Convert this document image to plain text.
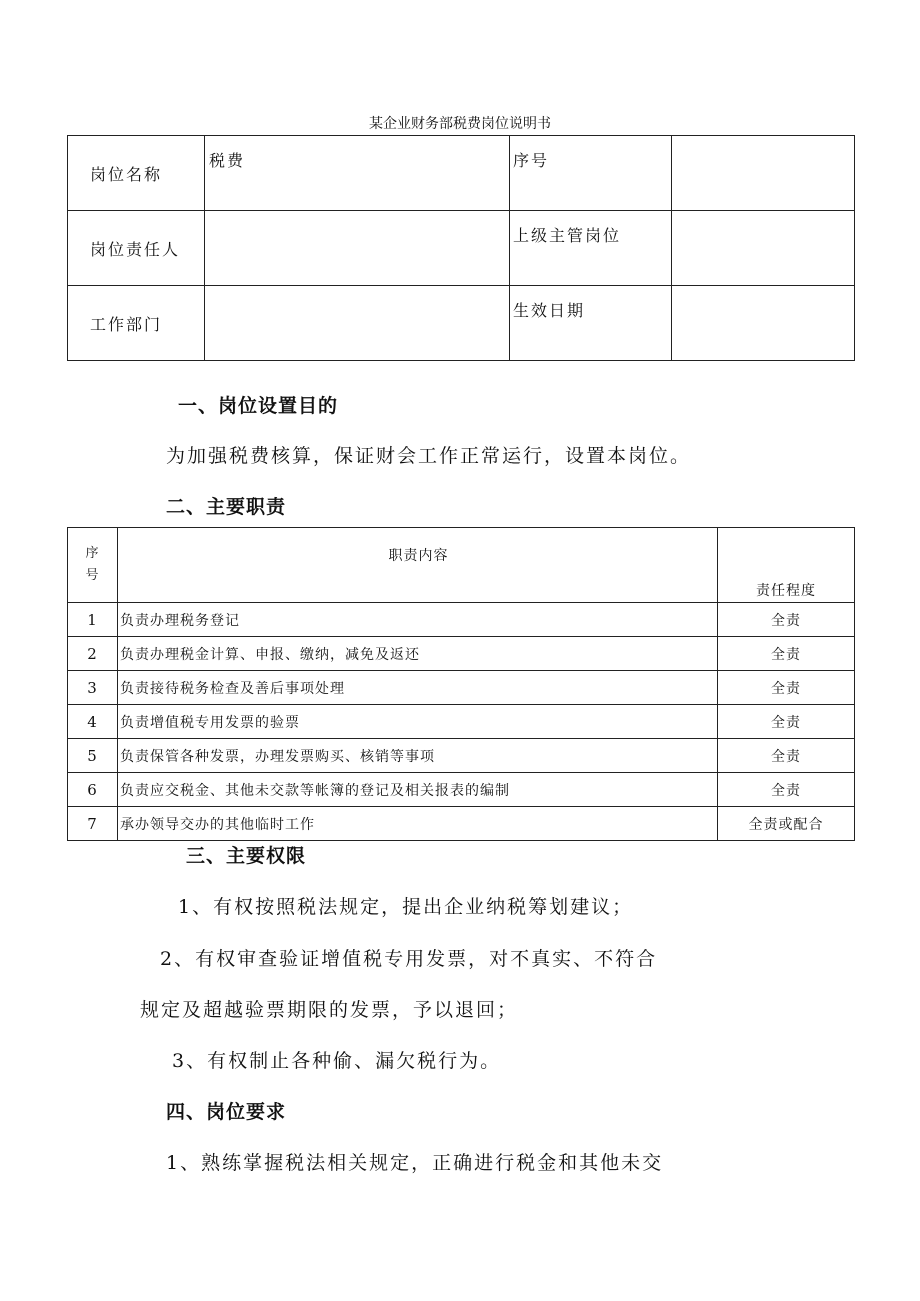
某企业财务部税费岗位说明书
岗位名称	税费	序号	
岗位责任人		上级主管岗位	
工作部门		生效日期	
一、岗位设置目的
为加强税费核算，保证财会工作正常运行，设置本岗位。
二、主要职责
序号	职责内容	责任程度
1	负责办理税务登记	全责
2	负责办理税金计算、申报、缴纳，减免及返还	全责
3	负责接待税务检查及善后事项处理	全责
4	负责增值税专用发票的验票	全责
5	负责保管各种发票，办理发票购买、核销等事项	全责
6	负责应交税金、其他未交款等帐簿的登记及相关报表的编制	全责
7	承办领导交办的其他临时工作	全责或配合
三、主要权限
1、有权按照税法规定，提出企业纳税筹划建议；
2、有权审查验证增值税专用发票，对不真实、不符合
规定及超越验票期限的发票，予以退回；
3、有权制止各种偷、漏欠税行为。
四、岗位要求
1、熟练掌握税法相关规定，正确进行税金和其他未交
